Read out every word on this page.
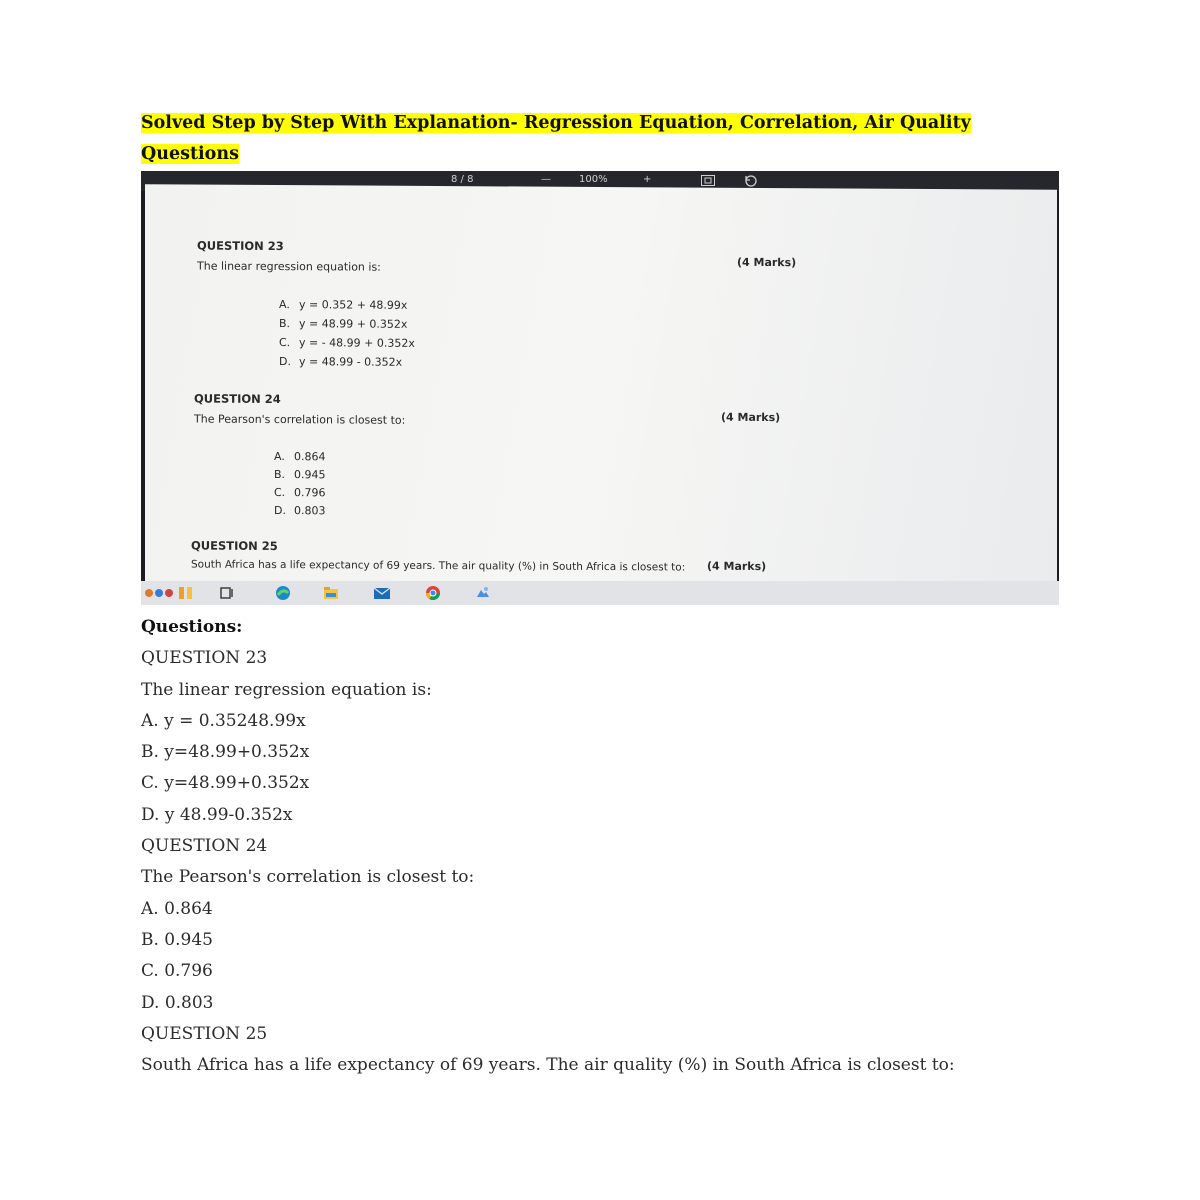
Solved Step by Step With Explanation- Regression Equation, Correlation, Air Quality
Questions
8 / 8	—	100%	+
QUESTION 23
(4 Marks)
The linear regression equation is:
A. y = 0.352 + 48.99x
B. y = 48.99 + 0.352x
C. y = - 48.99 + 0.352x
D. y = 48.99 - 0.352x
QUESTION 24
(4 Marks)
The Pearson's correlation is closest to:
A. 0.864
B. 0.945
C. 0.796
D. 0.803
QUESTION 25
(4 Marks)
South Africa has a life expectancy of 69 years. The air quality (%) in South Africa is closest to:
Questions:
QUESTION 23
The linear regression equation is:
A. y = 0.35248.99x
B. y=48.99+0.352x
C. y=48.99+0.352x
D. y 48.99-0.352x
QUESTION 24
The Pearson's correlation is closest to:
A. 0.864
B. 0.945
C. 0.796
D. 0.803
QUESTION 25
South Africa has a life expectancy of 69 years. The air quality (%) in South Africa is closest to:
